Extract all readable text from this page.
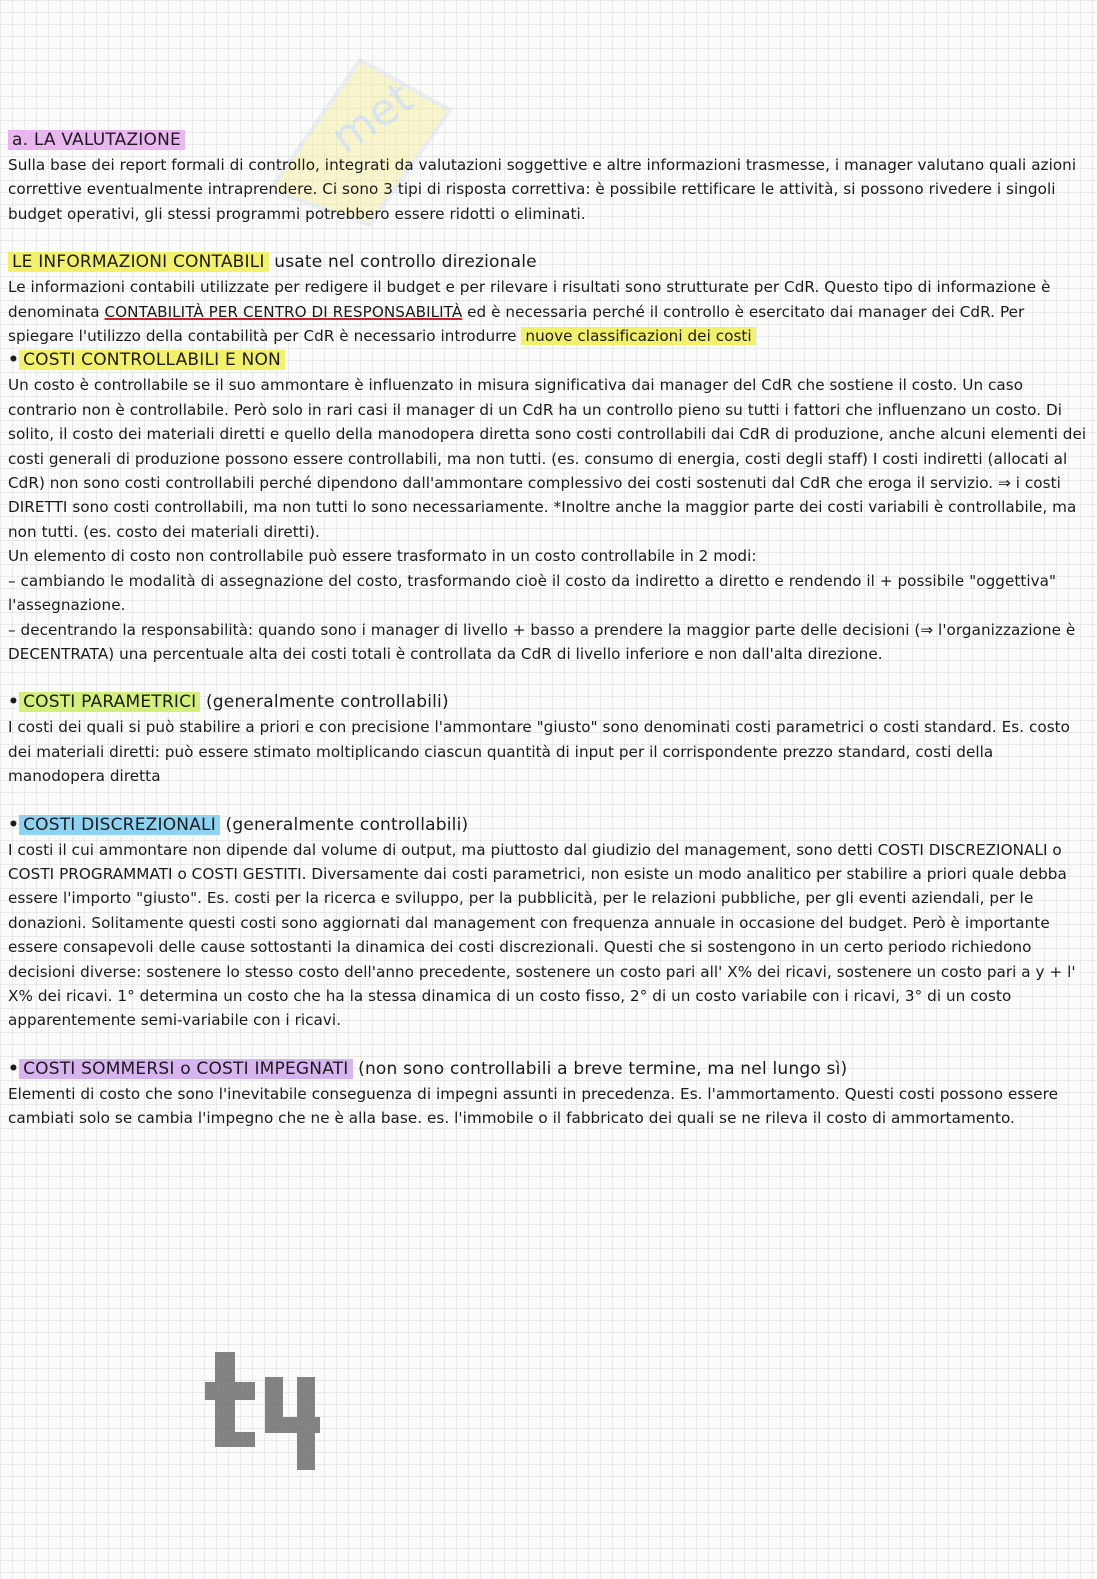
met
a. LA VALUTAZIONE

Sulla base dei report formali di controllo, integrati da valutazioni soggettive e altre informazioni trasmesse, i manager valutano quali azioni correttive eventualmente intraprendere. Ci sono 3 tipi di risposta correttiva: è possibile rettificare le attività, si possono rivedere i singoli budget operativi, gli stessi programmi potrebbero essere ridotti o eliminati.

LE INFORMAZIONI CONTABILI usate nel controllo direzionale

Le informazioni contabili utilizzate per redigere il budget e per rilevare i risultati sono strutturate per CdR. Questo tipo di informazione è denominata CONTABILITÀ PER CENTRO DI RESPONSABILITÀ ed è necessaria perché il controllo è esercitato dai manager dei CdR. Per spiegare l'utilizzo della contabilità per CdR è necessario introdurre nuove classificazioni dei costi

• COSTI CONTROLLABILI E NON

Un costo è controllabile se il suo ammontare è influenzato in misura significativa dai manager del CdR che sostiene il costo. Un caso contrario non è controllabile. Però solo in rari casi il manager di un CdR ha un controllo pieno su tutti i fattori che influenzano un costo. Di solito, il costo dei materiali diretti e quello della manodopera diretta sono costi controllabili dai CdR di produzione, anche alcuni elementi dei costi generali di produzione possono essere controllabili, ma non tutti. (es. consumo di energia, costi degli staff) I costi indiretti (allocati al CdR) non sono costi controllabili perché dipendono dall'ammontare complessivo dei costi sostenuti dal CdR che eroga il servizio. ⇒ i costi DIRETTI sono costi controllabili, ma non tutti lo sono necessariamente. *Inoltre anche la maggior parte dei costi variabili è controllabile, ma non tutti. (es. costo dei materiali diretti).

Un elemento di costo non controllabile può essere trasformato in un costo controllabile in 2 modi:

– cambiando le modalità di assegnazione del costo, trasformando cioè il costo da indiretto a diretto e rendendo il + possibile "oggettiva" l'assegnazione.

– decentrando la responsabilità: quando sono i manager di livello + basso a prendere la maggior parte delle decisioni (⇒ l'organizzazione è DECENTRATA) una percentuale alta dei costi totali è controllata da CdR di livello inferiore e non dall'alta direzione.

• COSTI PARAMETRICI (generalmente controllabili)

I costi dei quali si può stabilire a priori e con precisione l'ammontare "giusto" sono denominati costi parametrici o costi standard. Es. costo dei materiali diretti: può essere stimato moltiplicando ciascun quantità di input per il corrispondente prezzo standard, costi della manodopera diretta

• COSTI DISCREZIONALI (generalmente controllabili)

I costi il cui ammontare non dipende dal volume di output, ma piuttosto dal giudizio del management, sono detti COSTI DISCREZIONALI o COSTI PROGRAMMATI o COSTI GESTITI. Diversamente dai costi parametrici, non esiste un modo analitico per stabilire a priori quale debba essere l'importo "giusto". Es. costi per la ricerca e sviluppo, per la pubblicità, per le relazioni pubbliche, per gli eventi aziendali, per le donazioni. Solitamente questi costi sono aggiornati dal management con frequenza annuale in occasione del budget. Però è importante essere consapevoli delle cause sottostanti la dinamica dei costi discrezionali. Questi che si sostengono in un certo periodo richiedono decisioni diverse: sostenere lo stesso costo dell'anno precedente, sostenere un costo pari all' X% dei ricavi, sostenere un costo pari a y + l' X% dei ricavi. 1° determina un costo che ha la stessa dinamica di un costo fisso, 2° di un costo variabile con i ricavi, 3° di un costo apparentemente semi-variabile con i ricavi.

• COSTI SOMMERSI o COSTI IMPEGNATI (non sono controllabili a breve termine, ma nel lungo sì)

Elementi di costo che sono l'inevitabile conseguenza di impegni assunti in precedenza. Es. l'ammortamento. Questi costi possono essere cambiati solo se cambia l'impegno che ne è alla base. es. l'immobile o il fabbricato dei quali se ne rileva il costo di ammortamento.
